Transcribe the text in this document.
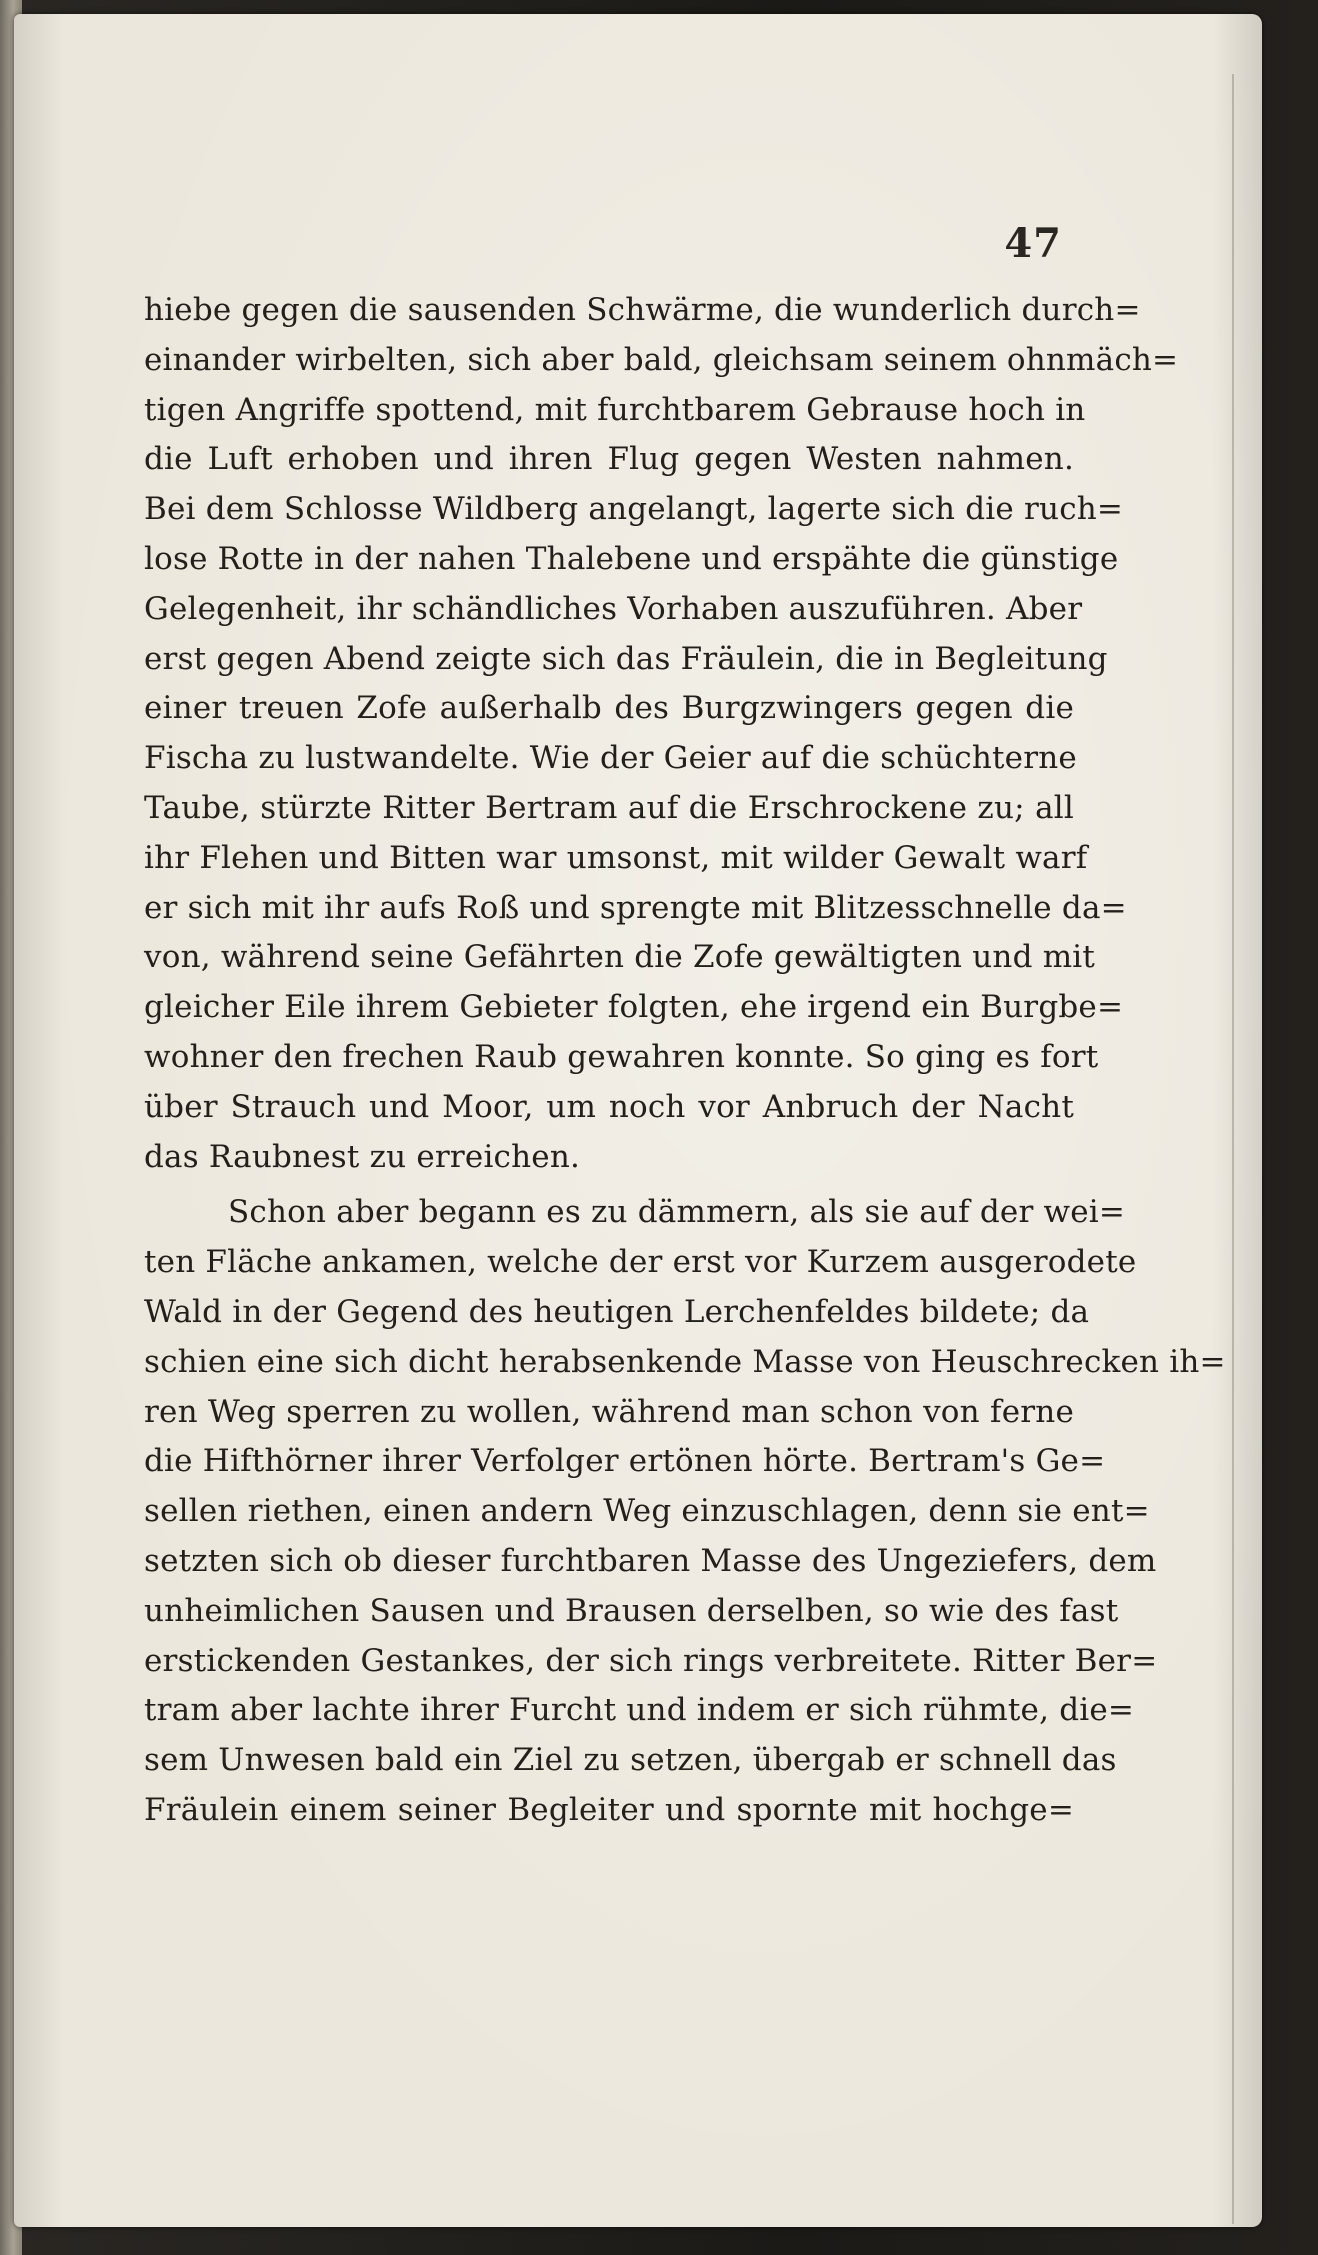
47
hiebe gegen die sausenden Schwärme, die wunderlich durch=
einander wirbelten, sich aber bald, gleichsam seinem ohnmäch=
tigen Angriffe spottend, mit furchtbarem Gebrause hoch in
die Luft erhoben und ihren Flug gegen Westen nahmen.
Bei dem Schlosse Wildberg angelangt, lagerte sich die ruch=
lose Rotte in der nahen Thalebene und erspähte die günstige
Gelegenheit, ihr schändliches Vorhaben auszuführen. Aber
erst gegen Abend zeigte sich das Fräulein, die in Begleitung
einer treuen Zofe außerhalb des Burgzwingers gegen die
Fischa zu lustwandelte. Wie der Geier auf die schüchterne
Taube, stürzte Ritter Bertram auf die Erschrockene zu; all
ihr Flehen und Bitten war umsonst, mit wilder Gewalt warf
er sich mit ihr aufs Roß und sprengte mit Blitzesschnelle da=
von, während seine Gefährten die Zofe gewältigten und mit
gleicher Eile ihrem Gebieter folgten, ehe irgend ein Burgbe=
wohner den frechen Raub gewahren konnte. So ging es fort
über Strauch und Moor, um noch vor Anbruch der Nacht
das Raubnest zu erreichen.
Schon aber begann es zu dämmern, als sie auf der wei=
ten Fläche ankamen, welche der erst vor Kurzem ausgerodete
Wald in der Gegend des heutigen Lerchenfeldes bildete; da
schien eine sich dicht herabsenkende Masse von Heuschrecken ih=
ren Weg sperren zu wollen, während man schon von ferne
die Hifthörner ihrer Verfolger ertönen hörte. Bertram's Ge=
sellen riethen, einen andern Weg einzuschlagen, denn sie ent=
setzten sich ob dieser furchtbaren Masse des Ungeziefers, dem
unheimlichen Sausen und Brausen derselben, so wie des fast
erstickenden Gestankes, der sich rings verbreitete. Ritter Ber=
tram aber lachte ihrer Furcht und indem er sich rühmte, die=
sem Unwesen bald ein Ziel zu setzen, übergab er schnell das
Fräulein einem seiner Begleiter und spornte mit hochge=
